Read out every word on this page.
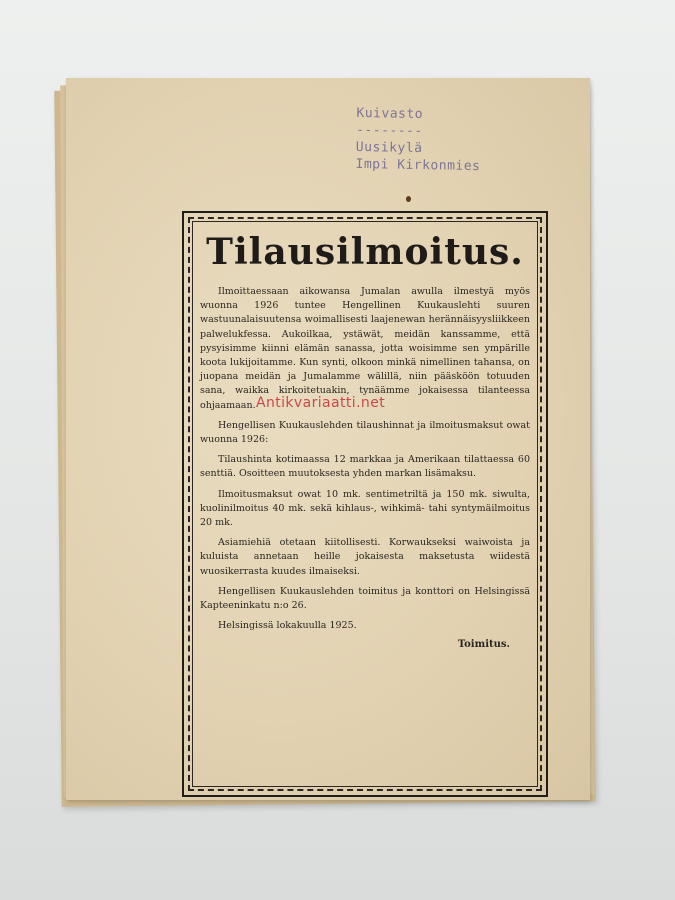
Kuivasto
--------
Uusikylä
Impi Kirkonmies
Tilausilmoitus.

Ilmoittaessaan aikowansa Jumalan awulla ilmestyä myös wuonna 1926 tuntee Hengellinen Kuukauslehti suuren wastuunalaisuutensa woimallisesti laajenewan herännäisyysliikkeen palwelukfessa. Aukoilkaa, ystäwät, meidän kanssamme, että pysyisimme kiinni elämän sanassa, jotta woisimme sen ympärille koota lukijoitamme. Kun synti, olkoon minkä nimellinen tahansa, on juopana meidän ja Jumalamme wälillä, niin pääsköön totuuden sana, waikka kirkoitetuakin, tynäämme jokaisessa tilanteessa ohjaamaan.

Hengellisen Kuukauslehden tilaushinnat ja ilmoitusmaksut owat wuonna 1926:

Tilaushinta kotimaassa 12 markkaa ja Amerikaan tilattaessa 60 senttiä. Osoitteen muutoksesta yhden markan lisämaksu.

Ilmoitusmaksut owat 10 mk. sentimetriltä ja 150 mk. siwulta, kuolinilmoitus 40 mk. sekä kihlaus-, wihkimä- tahi syntymäilmoitus 20 mk.

Asiamiehiä otetaan kiitollisesti. Korwaukseksi waiwoista ja kuluista annetaan heille jokaisesta maksetusta wiidestä wuosikerrasta kuudes ilmaiseksi.

Hengellisen Kuukauslehden toimitus ja konttori on Helsingissä Kapteeninkatu n:o 26.

Helsingissä lokakuulla 1925.

Toimitus.
Antikvariaatti.net
